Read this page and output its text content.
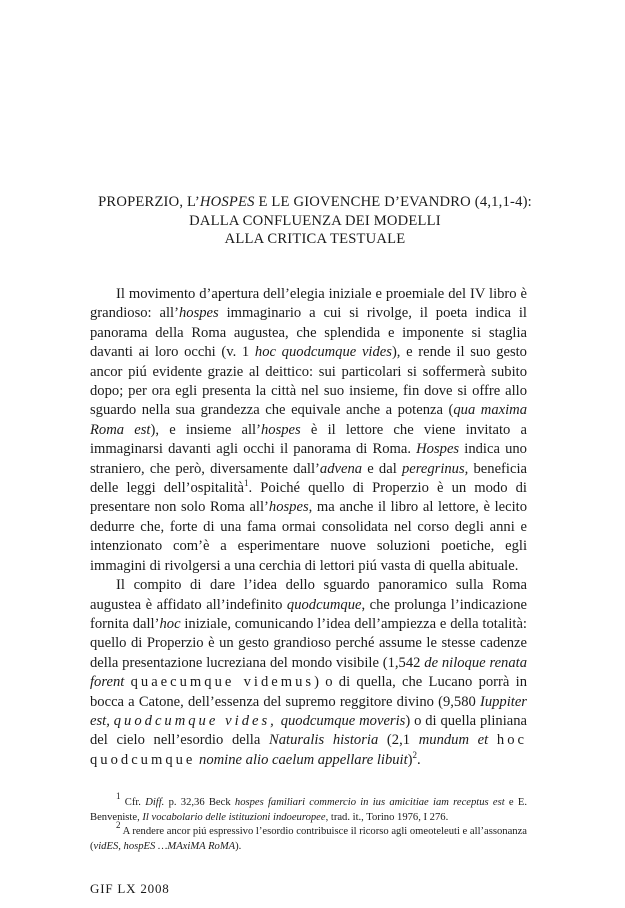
PROPERZIO, L’HOSPES E LE GIOVENCHE D’EVANDRO (4,1,1-4):
DALLA CONFLUENZA DEI MODELLI
ALLA CRITICA TESTUALE

Il movimento d’apertura dell’elegia iniziale e proemiale del IV libro è grandioso: all’hospes immaginario a cui si rivolge, il poeta indica il panorama della Roma augustea, che splendida e imponente si staglia davanti ai loro occhi (v. 1 hoc quodcumque vides), e rende il suo gesto ancor piú evidente grazie al deittico: sui particolari si soffermerà subito dopo; per ora egli presenta la città nel suo insieme, fin dove si offre allo sguardo nella sua grandezza che equivale anche a potenza (qua maxima Roma est), e insieme all’hospes è il lettore che viene invitato a immaginarsi davanti agli occhi il panorama di Roma. Hospes indica uno straniero, che però, diversamente dall’advena e dal peregrinus, beneficia delle leggi dell’ospitalità$^1$. Poiché quello di Properzio è un modo di presentare non solo Roma all’hospes, ma anche il libro al lettore, è lecito dedurre che, forte di una fama ormai consolidata nel corso degli anni e intenzionato com’è a esperimentare nuove soluzioni poetiche, egli immagini di rivolgersi a una cerchia di lettori piú vasta di quella abituale.

Il compito di dare l’idea dello sguardo panoramico sulla Roma augustea è affidato all’indefinito quodcumque, che prolunga l’indicazione fornita dall’hoc iniziale, comunicando l’idea dell’ampiezza e della totalità: quello di Properzio è un gesto grandioso perché assume le stesse cadenze della presentazione lucreziana del mondo visibile (1,542 de niloque renata forent quaecumque videmus) o di quella, che Lucano porrà in bocca a Catone, dell’essenza del supremo reggitore divino (9,580 Iuppiter est, quodcumque vides, quodcumque moveris) o di quella pliniana del cielo nell’esordio della Naturalis historia (2,1 mundum et hoc quodcumque nomine alio caelum appellare libuit)$^2$.

$^1$ Cfr. Diff. p. 32,36 Beck hospes familiari commercio in ius amicitiae iam receptus est e E. Benveniste, Il vocabolario delle istituzioni indoeuropee, trad. it., Torino 1976, I 276.

$^2$ A rendere ancor piú espressivo l’esordio contribuisce il ricorso agli omeoteleuti e all’assonanza (vidES, hospES …MAxiMA RoMA).

GIF LX 2008
